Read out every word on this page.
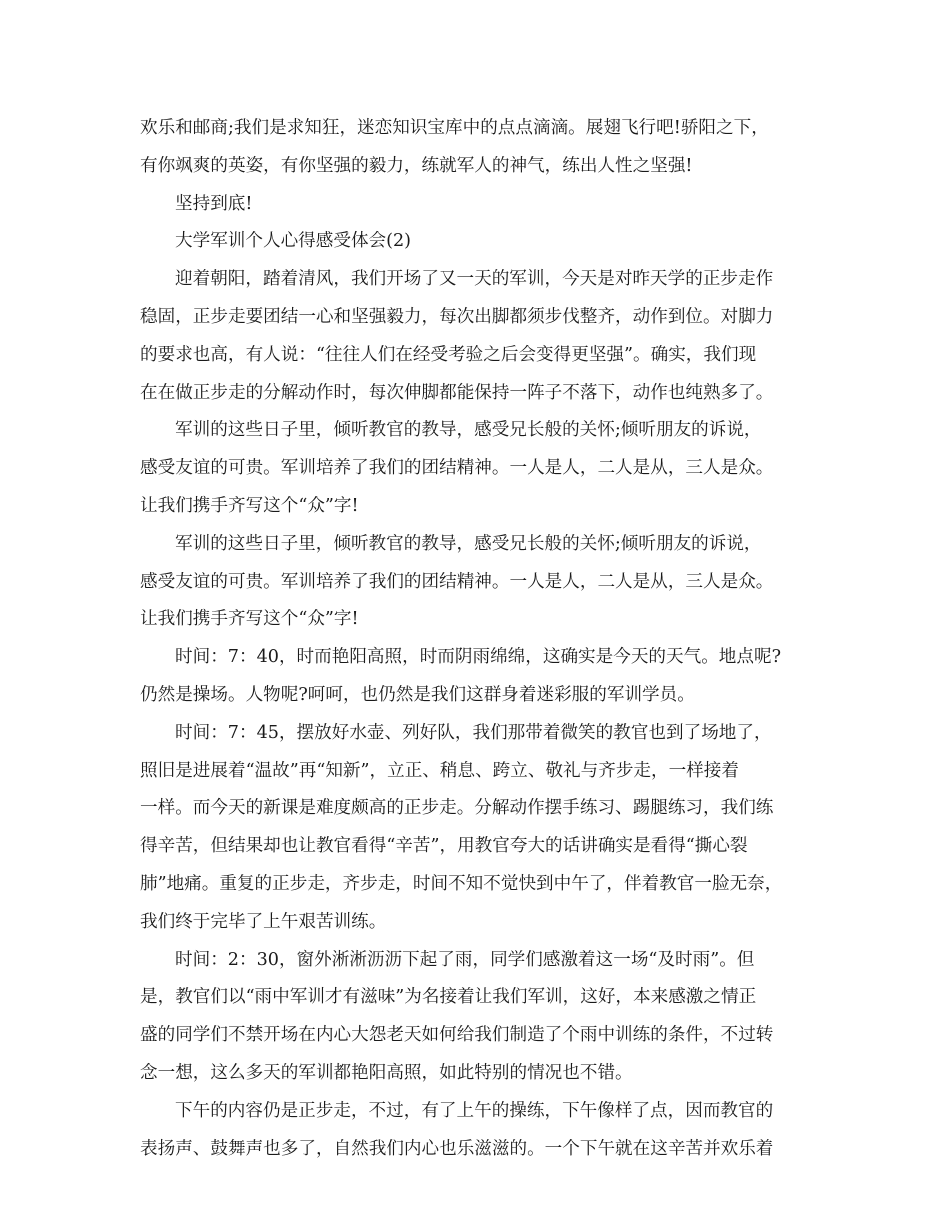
欢乐和邮商;我们是求知狂，迷恋知识宝库中的点点滴滴。展翅飞行吧!骄阳之下，
有你飒爽的英姿，有你坚强的毅力，练就军人的神气，练出人性之坚强!
坚持到底!
大学军训个人心得感受体会(2)
迎着朝阳，踏着清风，我们开场了又一天的军训，今天是对昨天学的正步走作
稳固，正步走要团结一心和坚强毅力，每次出脚都须步伐整齐，动作到位。对脚力
的要求也高，有人说：“往往人们在经受考验之后会变得更坚强”。确实，我们现
在在做正步走的分解动作时，每次伸脚都能保持一阵子不落下，动作也纯熟多了。
军训的这些日子里，倾听教官的教导，感受兄长般的关怀;倾听朋友的诉说，
感受友谊的可贵。军训培养了我们的团结精神。一人是人，二人是从，三人是众。
让我们携手齐写这个“众”字!
军训的这些日子里，倾听教官的教导，感受兄长般的关怀;倾听朋友的诉说，
感受友谊的可贵。军训培养了我们的团结精神。一人是人，二人是从，三人是众。
让我们携手齐写这个“众”字!
时间：7：40，时而艳阳高照，时而阴雨绵绵，这确实是今天的天气。地点呢?
仍然是操场。人物呢?呵呵，也仍然是我们这群身着迷彩服的军训学员。
时间：7：45，摆放好水壶、列好队，我们那带着微笑的教官也到了场地了，
照旧是进展着“温故”再“知新”，立正、稍息、跨立、敬礼与齐步走，一样接着
一样。而今天的新课是难度颇高的正步走。分解动作摆手练习、踢腿练习，我们练
得辛苦，但结果却也让教官看得“辛苦”，用教官夸大的话讲确实是看得“撕心裂
肺”地痛。重复的正步走，齐步走，时间不知不觉快到中午了，伴着教官一脸无奈，
我们终于完毕了上午艰苦训练。
时间：2：30，窗外淅淅沥沥下起了雨，同学们感激着这一场“及时雨”。但
是，教官们以“雨中军训才有滋味”为名接着让我们军训，这好，本来感激之情正
盛的同学们不禁开场在内心大怨老天如何给我们制造了个雨中训练的条件，不过转
念一想，这么多天的军训都艳阳高照，如此特别的情况也不错。
下午的内容仍是正步走，不过，有了上午的操练，下午像样了点，因而教官的
表扬声、鼓舞声也多了，自然我们内心也乐滋滋的。一个下午就在这辛苦并欢乐着
